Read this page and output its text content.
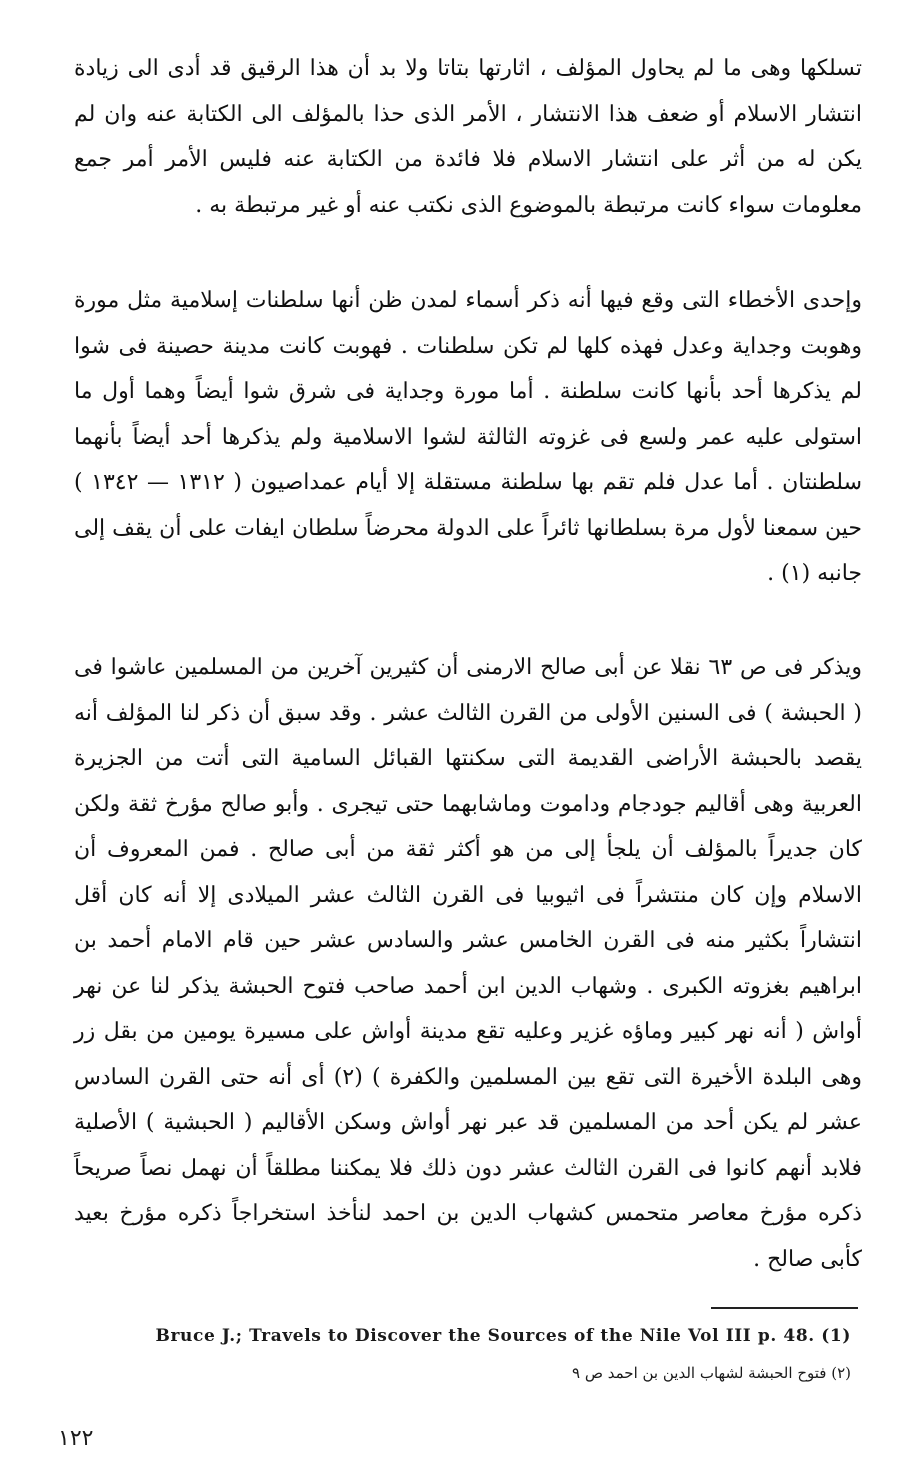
تسلكها وهى ما لم يحاول المؤلف ، اثارتها بتاتا ولا بد أن هذا الرقيق قد أدى الى زيادة انتشار الاسلام أو ضعف هذا الانتشار ، الأمر الذى حذا بالمؤلف الى الكتابة عنه وان لم يكن له من أثر على انتشار الاسلام فلا فائدة من الكتابة عنه فليس الأمر أمر جمع معلومات سواء كانت مرتبطة بالموضوع الذى نكتب عنه أو غير مرتبطة به .

وإحدى الأخطاء التى وقع فيها أنه ذكر أسماء لمدن ظن أنها سلطنات إسلامية مثل مورة وهوبت وجداية وعدل فهذه كلها لم تكن سلطنات . فهوبت كانت مدينة حصينة فى شوا لم يذكرها أحد بأنها كانت سلطنة . أما مورة وجداية فى شرق شوا أيضاً وهما أول ما استولى عليه عمر ولسع فى غزوته الثالثة لشوا الاسلامية ولم يذكرها أحد أيضاً بأنهما سلطنتان . أما عدل فلم تقم بها سلطنة مستقلة إلا أيام عمداصيون ( ١٣١٢ — ١٣٤٢ ) حين سمعنا لأول مرة بسلطانها ثائراً على الدولة محرضاً سلطان ايفات على أن يقف إلى جانبه (١) .

ويذكر فى ص ٦٣ نقلا عن أبى صالح الارمنى أن كثيرين آخرين من المسلمين عاشوا فى ( الحبشة ) فى السنين الأولى من القرن الثالث عشر . وقد سبق أن ذكر لنا المؤلف أنه يقصد بالحبشة الأراضى القديمة التى سكنتها القبائل السامية التى أتت من الجزيرة العربية وهى أقاليم جودجام وداموت وماشابهما حتى تيجرى . وأبو صالح مؤرخ ثقة ولكن كان جديراً بالمؤلف أن يلجأ إلى من هو أكثر ثقة من أبى صالح . فمن المعروف أن الاسلام وإن كان منتشراً فى اثيوبيا فى القرن الثالث عشر الميلادى إلا أنه كان أقل انتشاراً بكثير منه فى القرن الخامس عشر والسادس عشر حين قام الامام أحمد بن ابراهيم بغزوته الكبرى . وشهاب الدين ابن أحمد صاحب فتوح الحبشة يذكر لنا عن نهر أواش ( أنه نهر كبير وماؤه غزير وعليه تقع مدينة أواش على مسيرة يومين من بقل زر وهى البلدة الأخيرة التى تقع بين المسلمين والكفرة ) (٢) أى أنه حتى القرن السادس عشر لم يكن أحد من المسلمين قد عبر نهر أواش وسكن الأقاليم ( الحبشية ) الأصلية فلابد أنهم كانوا فى القرن الثالث عشر دون ذلك فلا يمكننا مطلقاً أن نهمل نصاً صريحاً ذكره مؤرخ معاصر متحمس كشهاب الدين بن احمد لنأخذ استخراجاً ذكره مؤرخ بعيد كأبى صالح .

Bruce J.; Travels to Discover the Sources of the Nile Vol III p. 48. (1)

(٢) فتوح الحبشة لشهاب الدين بن احمد ص ٩

١٢٢
